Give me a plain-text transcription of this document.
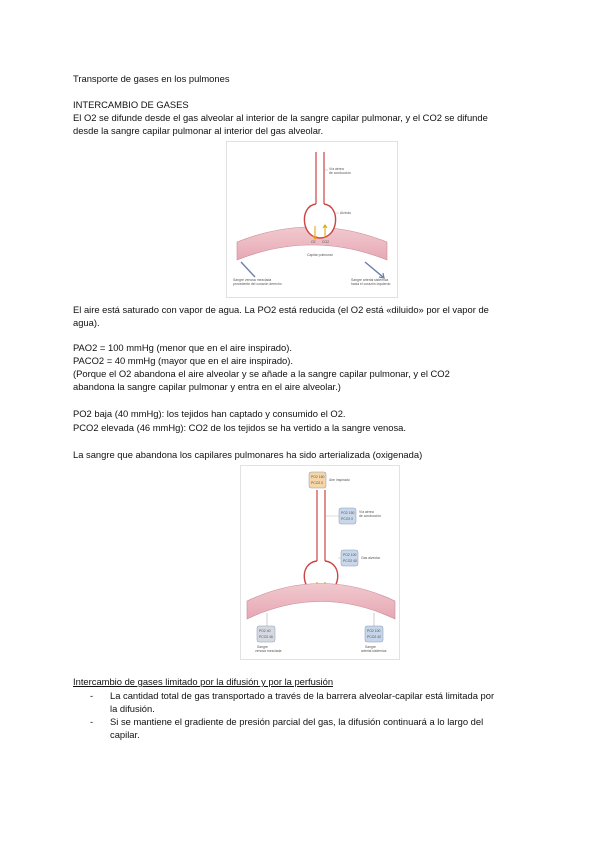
Transporte de gases en los pulmones
INTERCAMBIO DE GASES
El O2 se difunde desde el gas alveolar al interior de la sangre capilar pulmonar, y el CO2 se difunde
desde la sangre capilar pulmonar al interior del gas alveolar.
Vía aérea
de conducción
Alvéolo
O2 CO2
Capilar pulmonar
Sangre venosa mezclada
procedente del corazón derecho
Sangre arterial sistémica
hacia el corazón izquierdo
El aire está saturado con vapor de agua. La PO2 está reducida (el O2 está «diluido» por el vapor de
agua).
PAO2 = 100 mmHg (menor que en el aire inspirado).
PACO2 = 40 mmHg (mayor que en el aire inspirado).
(Porque el O2 abandona el aire alveolar y se añade a la sangre capilar pulmonar, y el CO2
abandona la sangre capilar pulmonar y entra en el aire alveolar.)
PO2 baja (40 mmHg): los tejidos han captado y consumido el O2.
PCO2 elevada (46 mmHg): CO2 de los tejidos se ha vertido a la sangre venosa.
La sangre que abandona los capilares pulmonares ha sido arterializada (oxigenada)
PO2 160
PCO2 0
Aire inspirado
PO2 150
PCO2 0
Vía aérea
de conducción
PO2 100
PCO2 40
Gas alveolar
PO2 40
PCO2 46
Sangre
venosa mezclada
PO2 100
PCO2 40
Sangre
arterial sistémica
Intercambio de gases limitado por la difusión y por la perfusión
- La cantidad total de gas transportado a través de la barrera alveolar-capilar está limitada por
la difusión.
- Si se mantiene el gradiente de presión parcial del gas, la difusión continuará a lo largo del
capilar.
